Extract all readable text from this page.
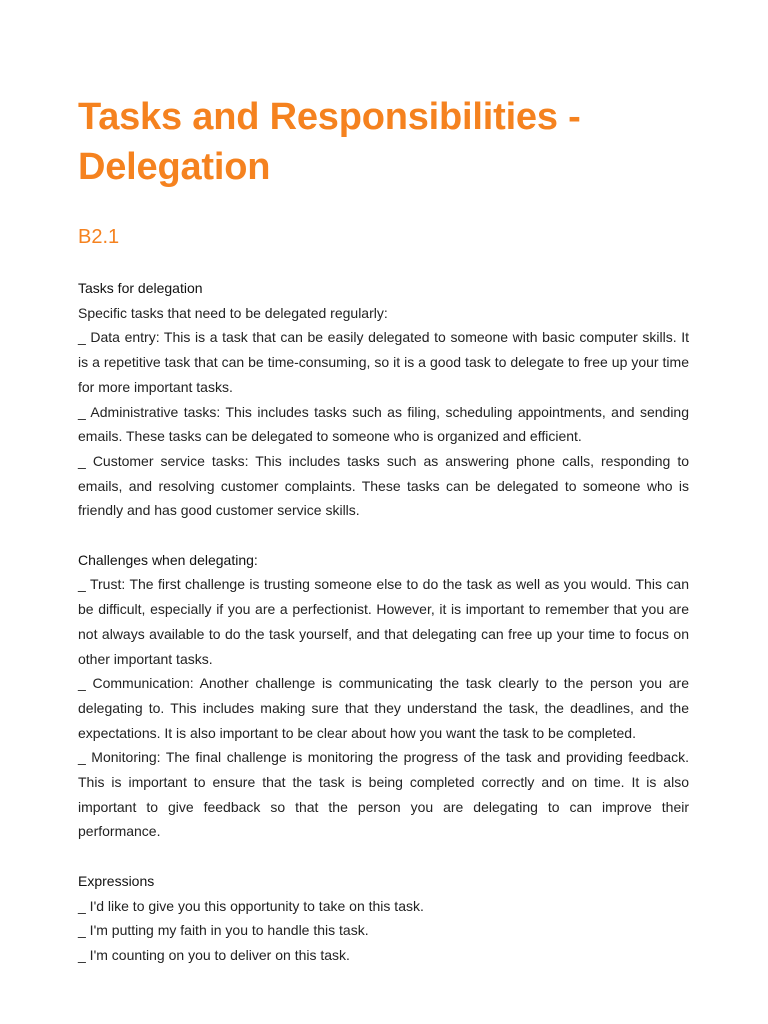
Tasks and Responsibilities - Delegation
B2.1
Tasks for delegation

Specific tasks that need to be delegated regularly:

_ Data entry: This is a task that can be easily delegated to someone with basic computer skills. It is a repetitive task that can be time-consuming, so it is a good task to delegate to free up your time for more important tasks.

_ Administrative tasks: This includes tasks such as filing, scheduling appointments, and sending emails. These tasks can be delegated to someone who is organized and efficient.

_ Customer service tasks: This includes tasks such as answering phone calls, responding to emails, and resolving customer complaints. These tasks can be delegated to someone who is friendly and has good customer service skills.

Challenges when delegating:

_ Trust: The first challenge is trusting someone else to do the task as well as you would. This can be difficult, especially if you are a perfectionist. However, it is important to remember that you are not always available to do the task yourself, and that delegating can free up your time to focus on other important tasks.

_ Communication: Another challenge is communicating the task clearly to the person you are delegating to. This includes making sure that they understand the task, the deadlines, and the expectations. It is also important to be clear about how you want the task to be completed.

_ Monitoring: The final challenge is monitoring the progress of the task and providing feedback. This is important to ensure that the task is being completed correctly and on time. It is also important to give feedback so that the person you are delegating to can improve their performance.

Expressions

_ I'd like to give you this opportunity to take on this task.

_ I'm putting my faith in you to handle this task.

_ I'm counting on you to deliver on this task.
